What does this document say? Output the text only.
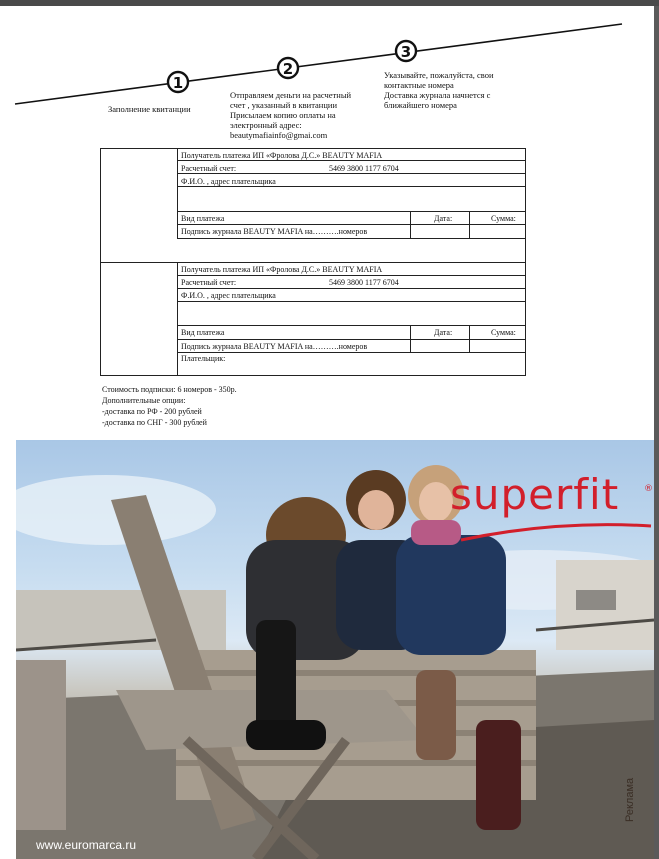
1
2
3
Заполнение квитанции
Отправляем деньги на расчетный
счет , указанный в квитанции
Присылаем копию оплаты на
электронный адрес:
beautymafiainfo@gmai.com
Указывайте, пожалуйста, свои
контактные номера
Доставка журнала начнется с
ближайшего номера
Получатель платежа ИП «Фролова Д.С.» BEAUTY MAFIA
Расчетный счет:	5469 3800 1177 6704
Ф.И.О. , адрес плательщика
Вид платежа	Дата:	Сумма:
Подпись журнала BEAUTY MAFIA на……….номеров
Получатель платежа ИП «Фролова Д.С.» BEAUTY MAFIA
Расчетный счет:	5469 3800 1177 6704
Ф.И.О. , адрес плательщика
Вид платежа	Дата:	Сумма:
Подпись журнала BEAUTY MAFIA на……….номеров
Плательщик:
Стоимость подписки: 6 номеров - 350р.
Дополнительные опции:
-доставка по РФ - 200 рублей
-доставка по СНГ - 300 рублей
superfit	®
www.euromarca.ru
Реклама
